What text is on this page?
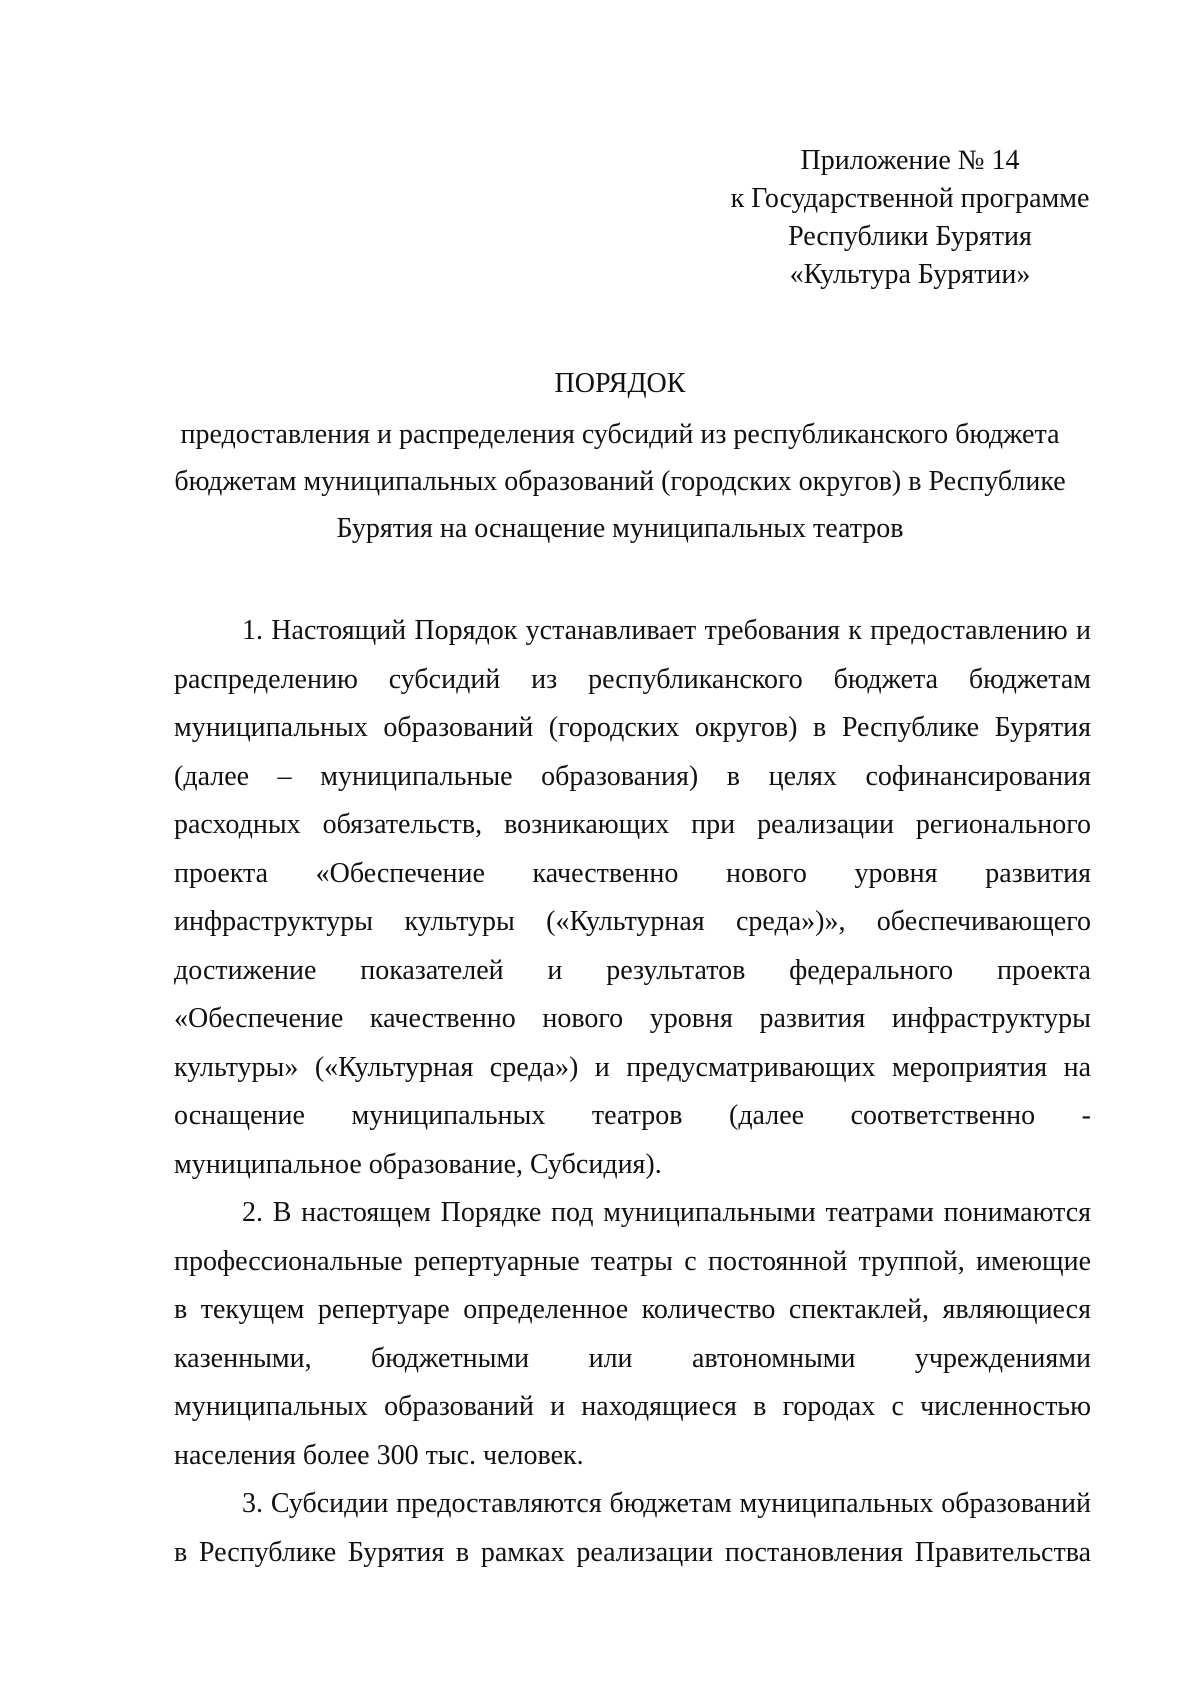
Приложение № 14
к Государственной программе
Республики Бурятия
«Культура Бурятии»
ПОРЯДОК
предоставления и распределения субсидий из республиканского бюджета
бюджетам муниципальных образований (городских округов) в Республике
Бурятия на оснащение муниципальных театров
1. Настоящий Порядок устанавливает требования к предоставлению и
распределению субсидий из республиканского бюджета бюджетам
муниципальных образований (городских округов) в Республике Бурятия
(далее – муниципальные образования) в целях софинансирования
расходных обязательств, возникающих при реализации регионального
проекта «Обеспечение качественно нового уровня развития
инфраструктуры культуры («Культурная среда»)», обеспечивающего
достижение показателей и результатов федерального проекта
«Обеспечение качественно нового уровня развития инфраструктуры
культуры» («Культурная среда») и предусматривающих мероприятия на
оснащение муниципальных театров (далее соответственно -
муниципальное образование, Субсидия).
2. В настоящем Порядке под муниципальными театрами понимаются
профессиональные репертуарные театры с постоянной труппой, имеющие
в текущем репертуаре определенное количество спектаклей, являющиеся
казенными, бюджетными или автономными учреждениями
муниципальных образований и находящиеся в городах с численностью
населения более 300 тыс. человек.
3. Субсидии предоставляются бюджетам муниципальных образований
в Республике Бурятия в рамках реализации постановления Правительства
